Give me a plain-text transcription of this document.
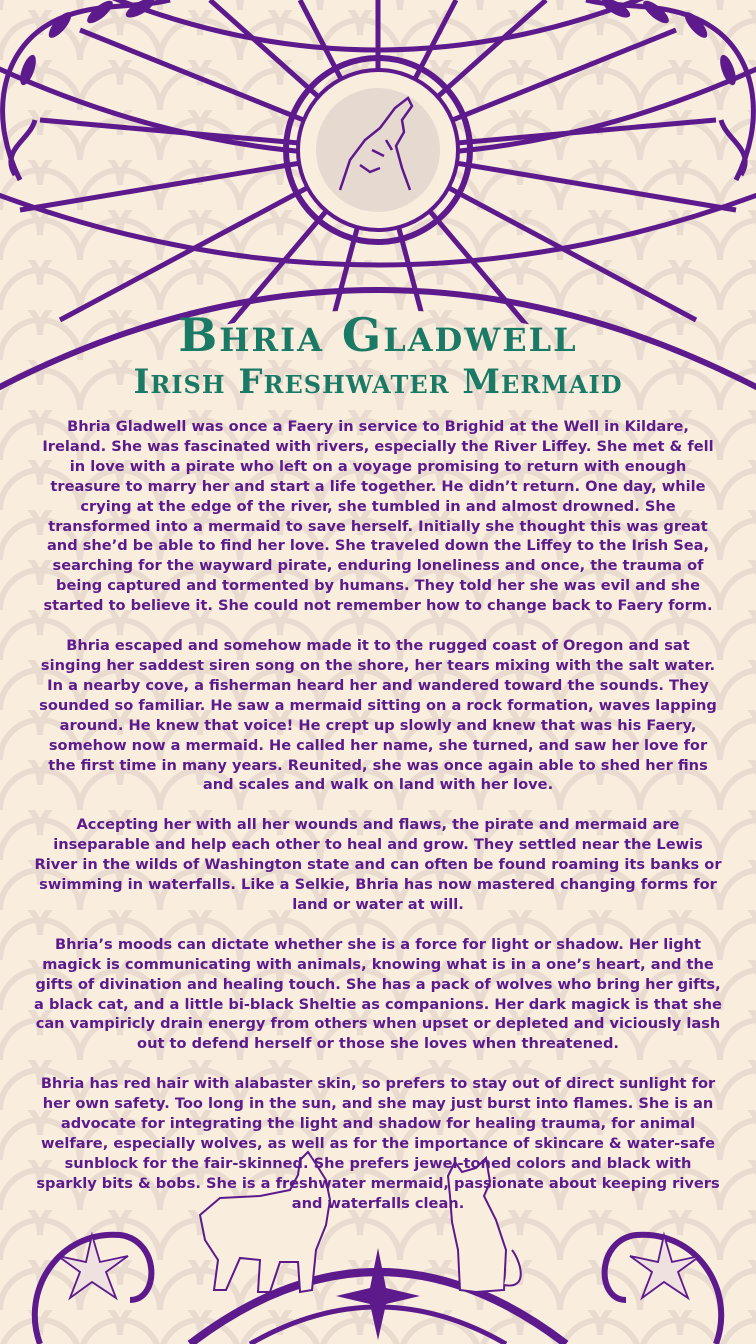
Bhria Gladwell
Irish Freshwater Mermaid

Bhria Gladwell was once a Faery in service to Brighid at the Well in Kildare, Ireland. She was fascinated with rivers, especially the River Liffey. She met & fell in love with a pirate who left on a voyage promising to return with enough treasure to marry her and start a life together. He didn’t return. One day, while crying at the edge of the river, she tumbled in and almost drowned. She transformed into a mermaid to save herself. Initially she thought this was great and she’d be able to find her love. She traveled down the Liffey to the Irish Sea, searching for the wayward pirate, enduring loneliness and once, the trauma of being captured and tormented by humans. They told her she was evil and she started to believe it. She could not remember how to change back to Faery form.

Bhria escaped and somehow made it to the rugged coast of Oregon and sat singing her saddest siren song on the shore, her tears mixing with the salt water. In a nearby cove, a fisherman heard her and wandered toward the sounds. They sounded so familiar. He saw a mermaid sitting on a rock formation, waves lapping around. He knew that voice! He crept up slowly and knew that was his Faery, somehow now a mermaid. He called her name, she turned, and saw her love for the first time in many years. Reunited, she was once again able to shed her fins and scales and walk on land with her love.

Accepting her with all her wounds and flaws, the pirate and mermaid are inseparable and help each other to heal and grow. They settled near the Lewis River in the wilds of Washington state and can often be found roaming its banks or swimming in waterfalls. Like a Selkie, Bhria has now mastered changing forms for land or water at will.

Bhria’s moods can dictate whether she is a force for light or shadow. Her light magick is communicating with animals, knowing what is in a one’s heart, and the gifts of divination and healing touch. She has a pack of wolves who bring her gifts, a black cat, and a little bi-black Sheltie as companions. Her dark magick is that she can vampiricly drain energy from others when upset or depleted and viciously lash out to defend herself or those she loves when threatened.

Bhria has red hair with alabaster skin, so prefers to stay out of direct sunlight for her own safety. Too long in the sun, and she may just burst into flames. She is an advocate for integrating the light and shadow for healing trauma, for animal welfare, especially wolves, as well as for the importance of skincare & water-safe sunblock for the fair-skinned. She prefers jewel-toned colors and black with sparkly bits & bobs. She is a freshwater mermaid, passionate about keeping rivers and waterfalls clean.
